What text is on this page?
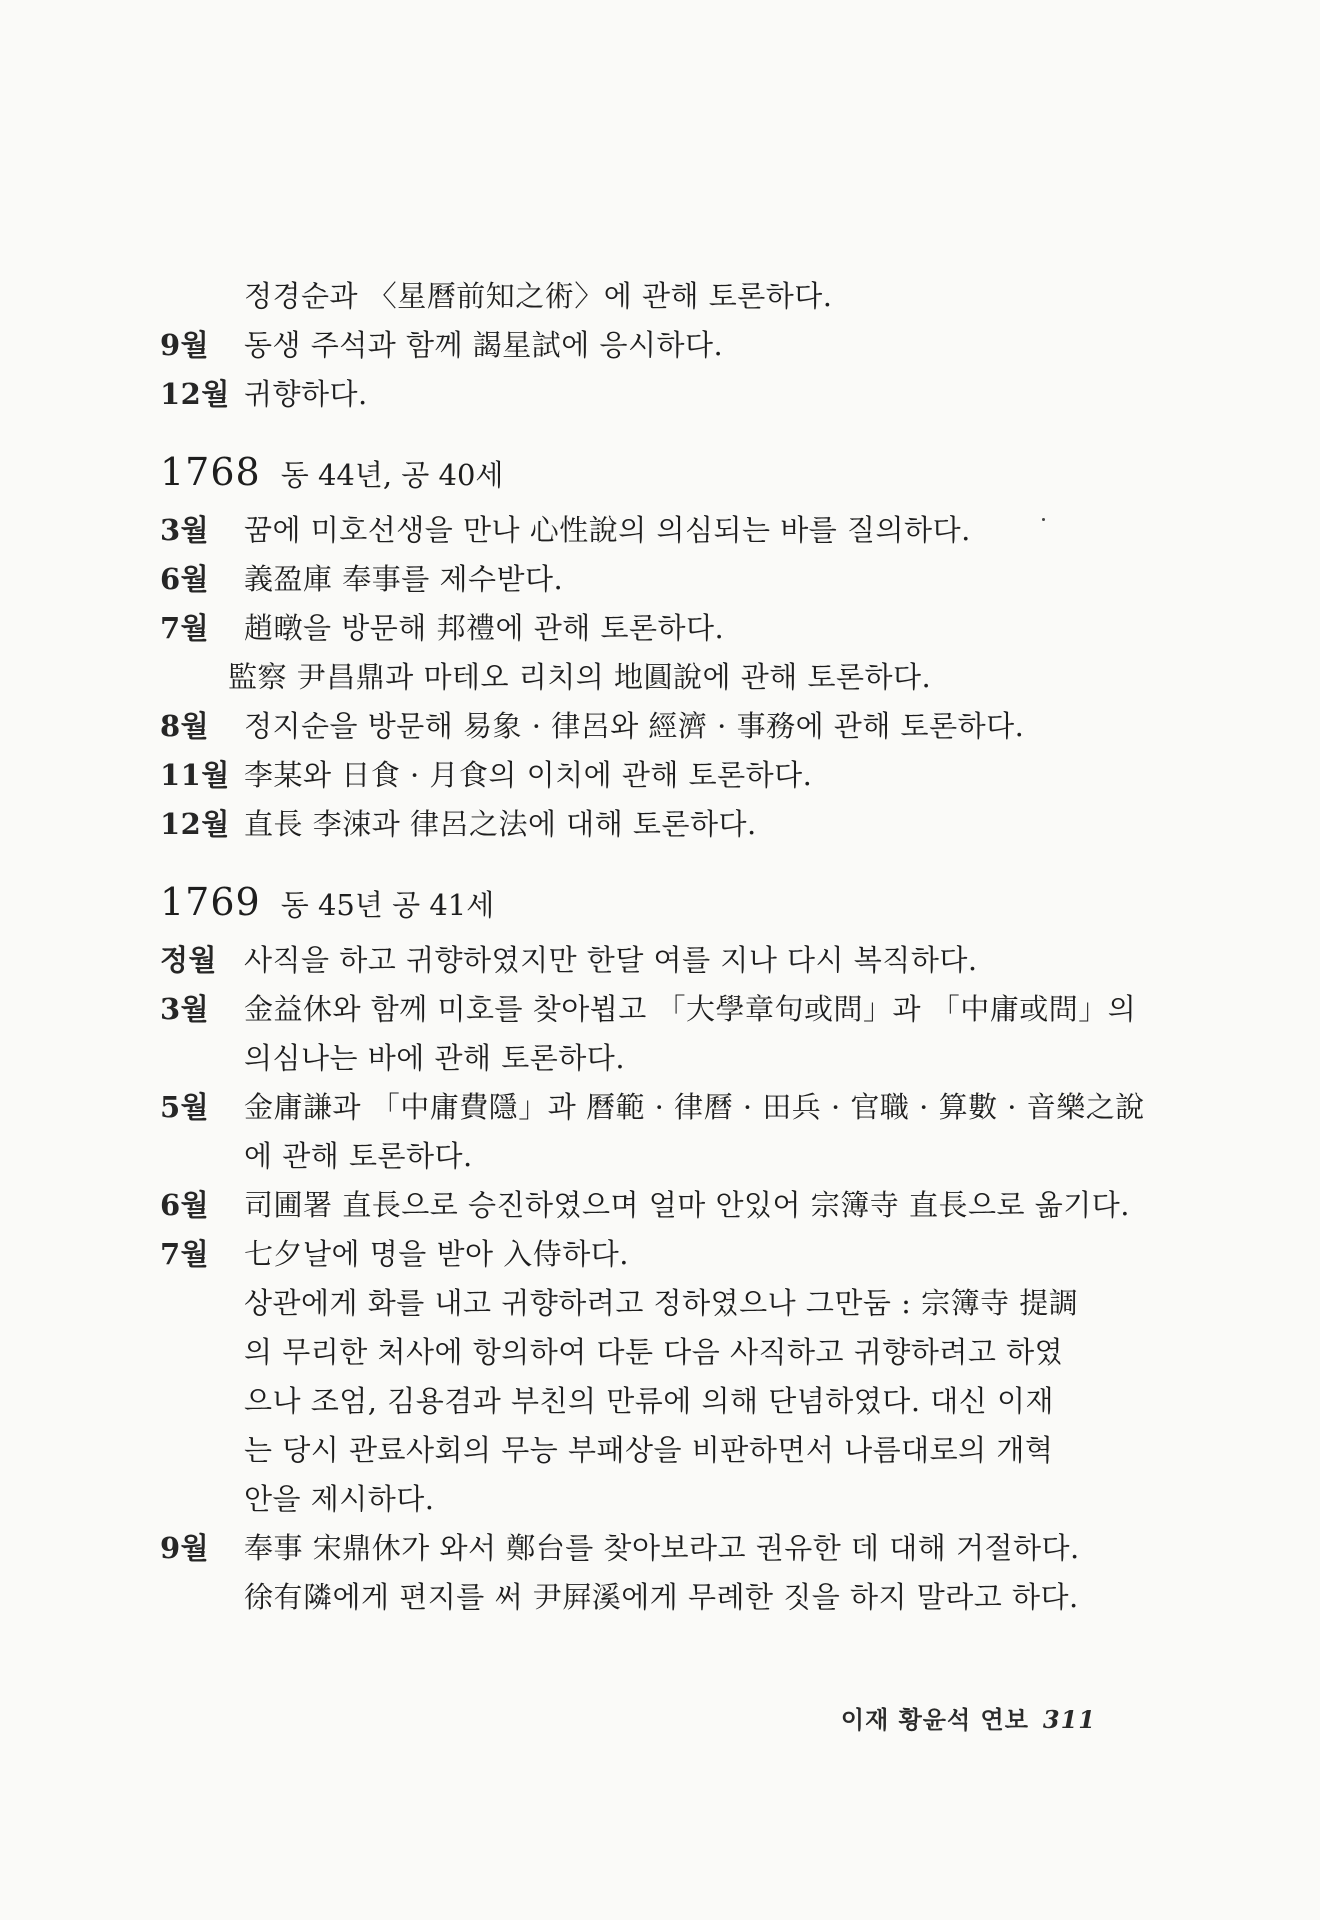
정경순과 〈星曆前知之術〉에 관해 토론하다.
9월	동생 주석과 함께 謁星試에 응시하다.
12월 귀향하다.
1768 동 44년, 공 40세
3월	꿈에 미호선생을 만나 心性說의 의심되는 바를 질의하다.
6월	義盈庫 奉事를 제수받다.
7월	趙暾을 방문해 邦禮에 관해 토론하다.
監察 尹昌鼎과 마테오 리치의 地圓說에 관해 토론하다.
8월	정지순을 방문해 易象 · 律呂와 經濟 · 事務에 관해 토론하다.
11월 李某와 日食 · 月食의 이치에 관해 토론하다.
12월 直長 李涑과 律呂之法에 대해 토론하다.
1769 동 45년 공 41세
정월 사직을 하고 귀향하였지만 한달 여를 지나 다시 복직하다.
3월	金益休와 함께 미호를 찾아뵙고 「大學章句或問」과 「中庸或問」의
의심나는 바에 관해 토론하다.
5월	金庸謙과 「中庸費隱」과 曆範 · 律曆 · 田兵 · 官職 · 算數 · 音樂之說
에 관해 토론하다.
6월	司圃署 直長으로 승진하였으며 얼마 안있어 宗簿寺 直長으로 옮기다.
7월	七夕날에 명을 받아 入侍하다.
상관에게 화를 내고 귀향하려고 정하였으나 그만둠 : 宗簿寺 提調
의 무리한 처사에 항의하여 다툰 다음 사직하고 귀향하려고 하였
으나 조엄, 김용겸과 부친의 만류에 의해 단념하였다. 대신 이재
는 당시 관료사회의 무능 부패상을 비판하면서 나름대로의 개혁
안을 제시하다.
9월	奉事 宋鼎休가 와서 鄭台를 찾아보라고 권유한 데 대해 거절하다.
徐有隣에게 편지를 써 尹屛溪에게 무례한 짓을 하지 말라고 하다.
이재 황윤석 연보 311
